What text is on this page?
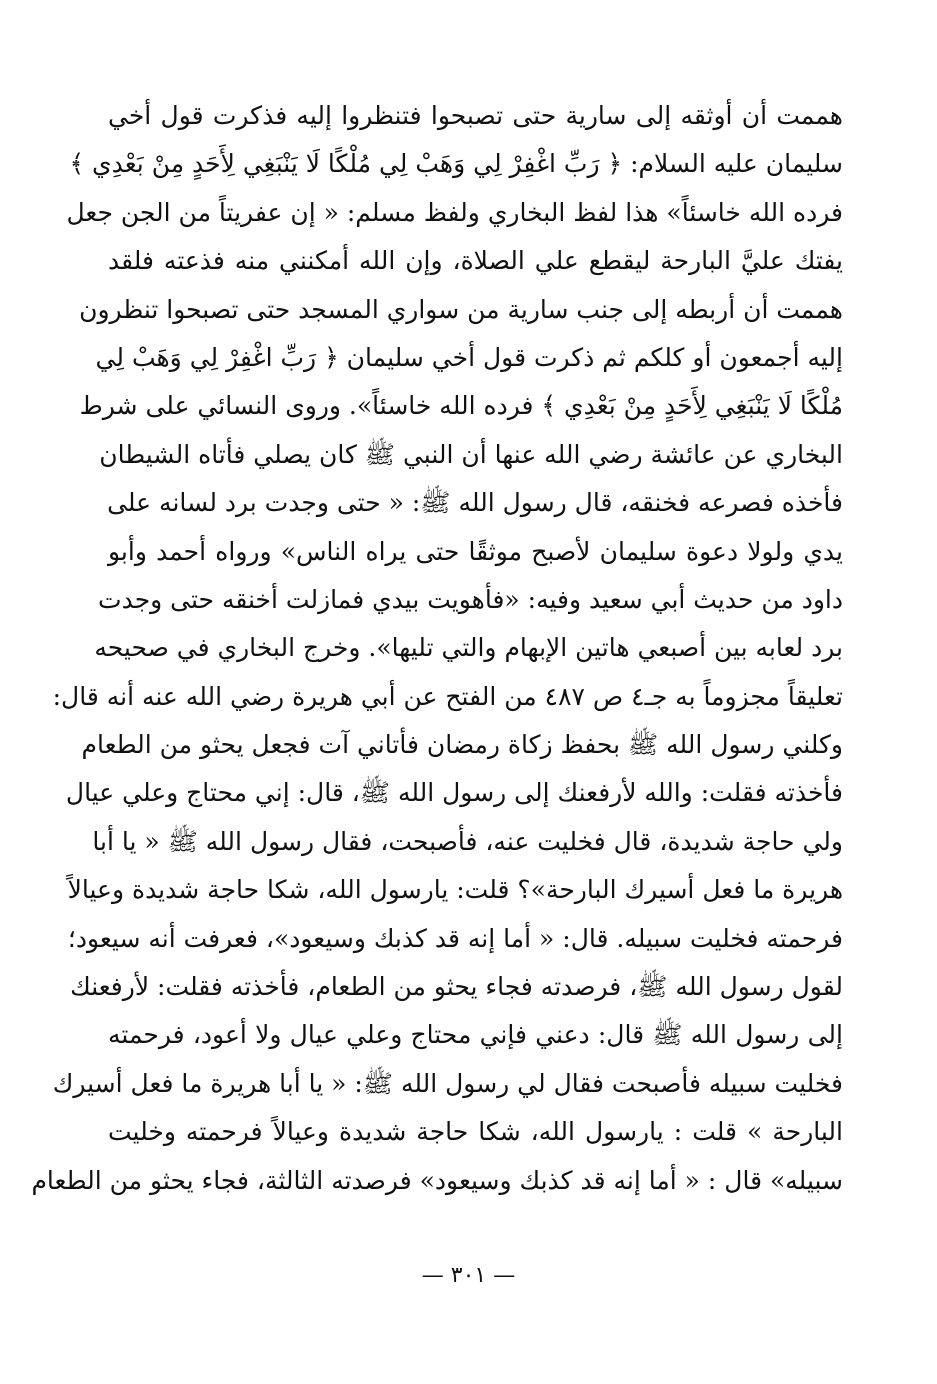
هممت أن أوثقه إلى سارية حتى تصبحوا فتنظروا إليه فذكرت قول أخي
سليمان عليه السلام: ﴿ رَبِّ اغْفِرْ لِي وَهَبْ لِي مُلْكًا لَا يَنْبَغِي لِأَحَدٍ مِنْ بَعْدِي ﴾
فرده الله خاسئاً» هذا لفظ البخاري ولفظ مسلم: « إن عفريتاً من الجن جعل
يفتك عليَّ البارحة ليقطع علي الصلاة، وإن الله أمكنني منه فذعته فلقد
هممت أن أربطه إلى جنب سارية من سواري المسجد حتى تصبحوا تنظرون
إليه أجمعون أو كلكم ثم ذكرت قول أخي سليمان ﴿ رَبِّ اغْفِرْ لِي وَهَبْ لِي
مُلْكًا لَا يَنْبَغِي لِأَحَدٍ مِنْ بَعْدِي ﴾ فرده الله خاسئاً». وروى النسائي على شرط
البخاري عن عائشة رضي الله عنها أن النبي ﷺ كان يصلي فأتاه الشيطان
فأخذه فصرعه فخنقه، قال رسول الله ﷺ: « حتى وجدت برد لسانه على
يدي ولولا دعوة سليمان لأصبح موثقًا حتى يراه الناس» ورواه أحمد وأبو
داود من حديث أبي سعيد وفيه: «فأهويت بيدي فمازلت أخنقه حتى وجدت
برد لعابه بين أصبعي هاتين الإبهام والتي تليها». وخرج البخاري في صحيحه
تعليقاً مجزوماً به جـ٤ ص ٤٨٧ من الفتح عن أبي هريرة رضي الله عنه أنه قال:
وكلني رسول الله ﷺ بحفظ زكاة رمضان فأتاني آت فجعل يحثو من الطعام
فأخذته فقلت: والله لأرفعنك إلى رسول الله ﷺ، قال: إني محتاج وعلي عيال
ولي حاجة شديدة، قال فخليت عنه، فأصبحت، فقال رسول الله ﷺ « يا أبا
هريرة ما فعل أسيرك البارحة»؟ قلت: يارسول الله، شكا حاجة شديدة وعيالاً
فرحمته فخليت سبيله. قال: « أما إنه قد كذبك وسيعود»، فعرفت أنه سيعود؛
لقول رسول الله ﷺ، فرصدته فجاء يحثو من الطعام، فأخذته فقلت: لأرفعنك
إلى رسول الله ﷺ قال: دعني فإني محتاج وعلي عيال ولا أعود، فرحمته
فخليت سبيله فأصبحت فقال لي رسول الله ﷺ: « يا أبا هريرة ما فعل أسيرك
البارحة » قلت : يارسول الله، شكا حاجة شديدة وعيالاً فرحمته وخليت
سبيله» قال : « أما إنه قد كذبك وسيعود» فرصدته الثالثة، فجاء يحثو من الطعام
— ٣٠١ —
